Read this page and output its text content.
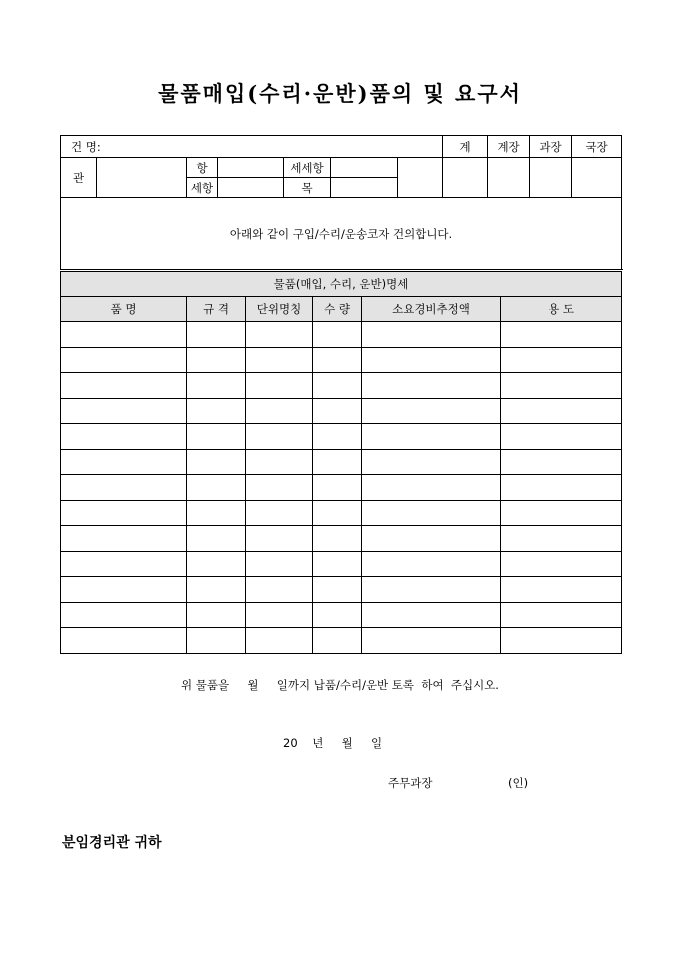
물품매입(수리·운반)품의 및 요구서
건 명:							계	계장	과장	국장	
관		항		세세항							
		세항		목							
아래와 같이 구입/수리/운송코자 건의합니다.											
물품(매입, 수리, 운반)명세					
품 명	규 격	단위명칭	수 량	소요경비추정액	용 도

위 물품을     월     일까지 납품/수리/운반 토록  하여  주십시오.
20    년     월     일
주무과장	(인)
분임경리관 귀하
